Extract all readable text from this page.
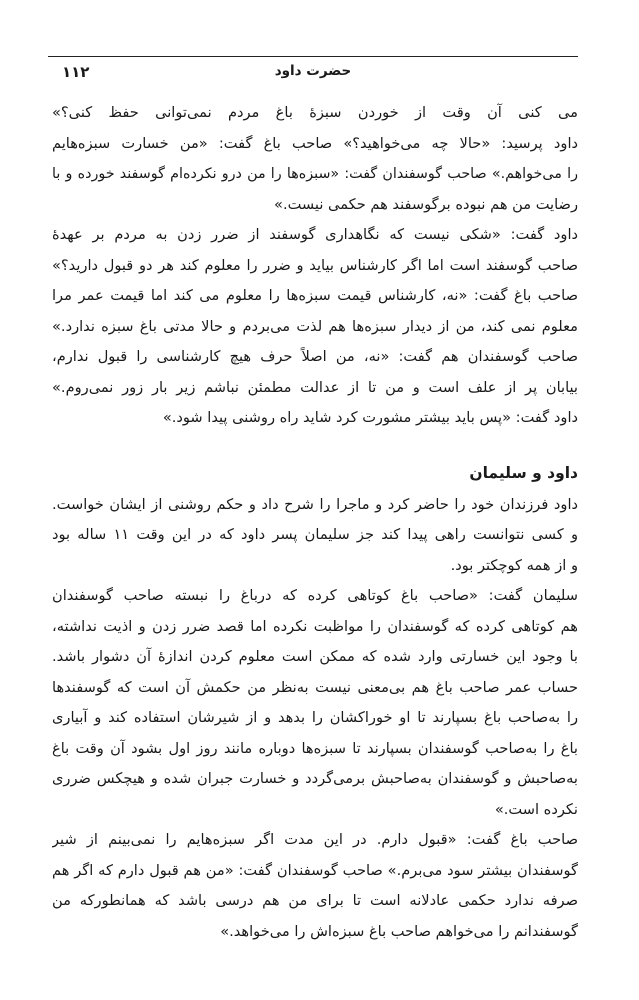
۱۱۲	حضرت داود
می کنی آن وقت از خوردن سبزهٔ باغ مردم نمی‌توانی حفظ کنی؟»
داود پرسید: «حالا چه می‌خواهید؟» صاحب باغ گفت: «من خسارت سبزه‌هایم
را می‌خواهم.» صاحب گوسفندان گفت: «سبزه‌ها را من درو نکرده‌ام گوسفند خورده و با
رضایت من هم نبوده برگوسفند هم حکمی نیست.»
داود گفت: «شکی نیست که نگاهداری گوسفند از ضرر زدن به مردم بر عهدهٔ
صاحب گوسفند است اما اگر کارشناس بیاید و ضرر را معلوم کند هر دو قبول دارید؟»
صاحب باغ گفت: «نه، کارشناس قیمت سبزه‌ها را معلوم می‌ کند اما قیمت عمر مرا
معلوم نمی‌ کند، من از دیدار سبزه‌ها هم لذت می‌بردم و حالا مدتی باغ سبزه ندارد.»
صاحب گوسفندان هم گفت: «نه، من اصلاً حرف هیچ کارشناسی را قبول ندارم،
بیابان پر از علف است و من تا از عدالت مطمئن نباشم زیر بار زور نمی‌روم.»
داود گفت: «پس باید بیشتر مشورت کرد شاید راه روشنی پیدا شود.»
داود و سلیمان
داود فرزندان خود را حاضر کرد و ماجرا را شرح داد و حکم روشنی از ایشان خواست.
و کسی نتوانست راهی پیدا کند جز سلیمان پسر داود که در این وقت ۱۱ ساله بود
و از همه کوچکتر بود.
سلیمان گفت: «صاحب باغ کوتاهی کرده که درباغ را نبسته صاحب گوسفندان
هم کوتاهی کرده که گوسفندان را مواظبت نکرده اما قصد ضرر زدن و اذیت نداشته،
با وجود این خسارتی وارد شده که ممکن است معلوم کردن اندازهٔ آن دشوار باشد.
حساب عمر صاحب باغ هم بی‌معنی نیست به‌نظر من حکمش آن است که گوسفندها
را به‌صاحب باغ بسپارند تا او خوراکشان را بدهد و از شیرشان استفاده کند و آبیاری
باغ را به‌صاحب گوسفندان بسپارند تا سبزه‌ها دوباره مانند روز اول بشود آن وقت باغ
به‌صاحبش و گوسفندان به‌صاحبش برمی‌گردد و خسارت جبران شده و هیچکس ضرری
نکرده است.»
صاحب باغ گفت: «قبول دارم. در این مدت اگر سبزه‌هایم را نمی‌بینم از شیر
گوسفندان بیشتر سود می‌برم.» صاحب گوسفندان گفت: «من هم قبول دارم که اگر هم
صرفه ندارد حکمی عادلانه است تا برای من هم درسی باشد که همانطورکه من
گوسفندانم را می‌خواهم صاحب باغ سبزه‌اش را می‌خواهد.»
